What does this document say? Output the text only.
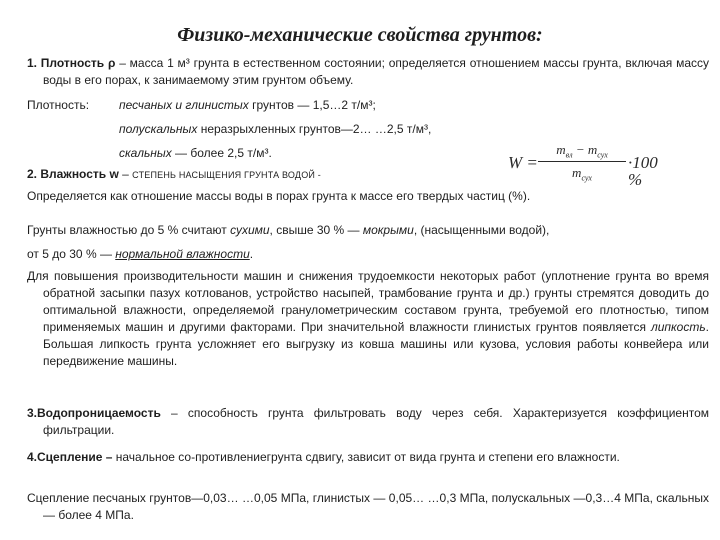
Физико-механические свойства грунтов:

1. Плотность ρ – масса 1 м³ грунта в естественном состоянии; определяется отношением массы грунта, включая массу воды в его порах, к занимаемому этим грунтом объему.

Плотность: песчаных и глинистых грунтов — 1,5…2 т/м³;
полускальных неразрыхленных грунтов—2… …2,5 т/м³,
скальных — более 2,5 т/м³.	W =
$m_{вл} - m_{сух}$
$m_{сух}$
·100 %
2. Влажность w – СТЕПЕНЬ НАСЫЩЕНИЯ ГРУНТА ВОДОЙ -
Определяется как отношение массы воды в порах грунта к массе его твердых частиц (%).
Грунты влажностью до 5 % считают сухими, свыше 30 % — мокрыми, (насыщенными водой),
от 5 до 30 % — нормальной влажности.

Для повышения производительности машин и снижения трудоемкости некоторых работ (уплотнение грунта во время обратной засыпки пазух котлованов, устройство насыпей, трамбование грунта и др.) грунты стремятся доводить до оптимальной влажности, определяемой гранулометрическим составом грунта, требуемой его плотностью, типом применяемых машин и другими факторами. При значительной влажности глинистых грунтов появляется липкость. Большая липкость грунта усложняет его выгрузку из ковша машины или кузова, условия работы конвейера или передвижение машины.

3.Водопроницаемость – способность грунта фильтровать воду через себя. Характеризуется коэффициентом фильтрации.

4.Сцепление – начальное со-противлениегрунта сдвигу, зависит от вида грунта и степени его влажности.

Сцепление песчаных грунтов—0,03… …0,05 МПа, глинистых — 0,05… …0,3 МПа, полускальных —0,3…4 МПа, скальных — более 4 МПа.
